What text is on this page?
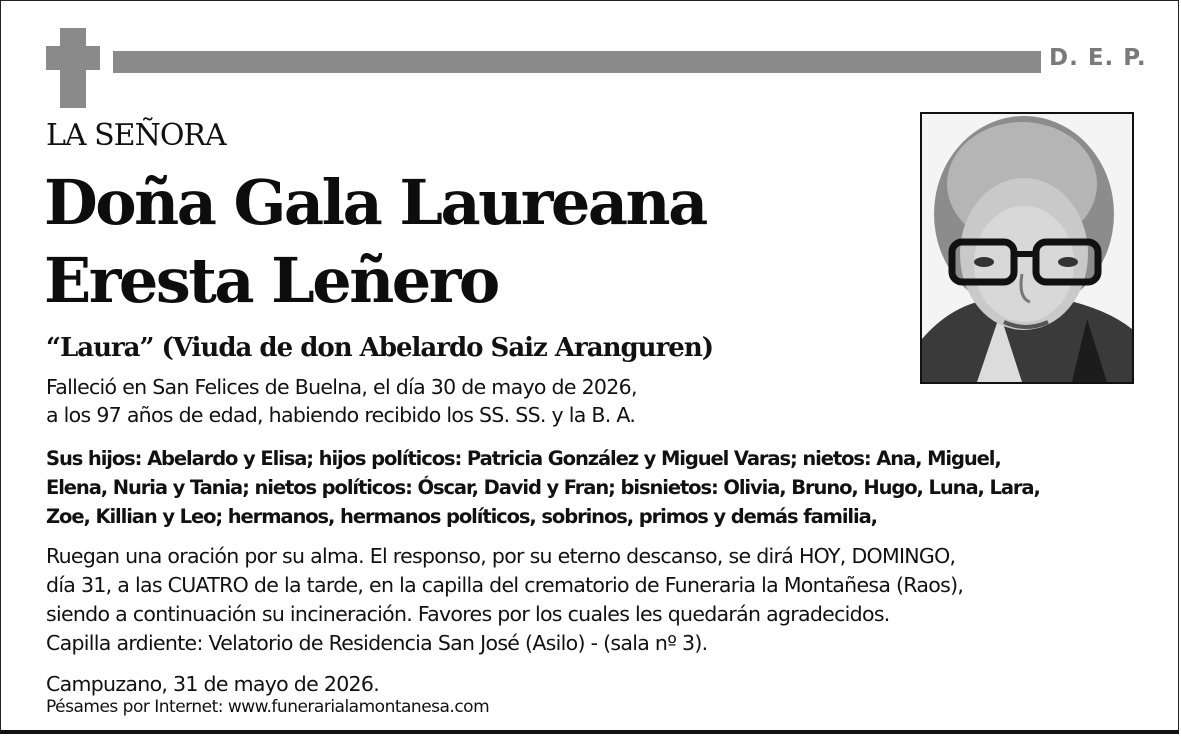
D. E. P.
LA SEÑORA
Doña Gala Laureana
Eresta Leñero
“Laura” (Viuda de don Abelardo Saiz Aranguren)
Falleció en San Felices de Buelna, el día 30 de mayo de 2026,
a los 97 años de edad, habiendo recibido los SS. SS. y la B. A.
Sus hijos: Abelardo y Elisa; hijos políticos: Patricia González y Miguel Varas; nietos: Ana, Miguel,
Elena, Nuria y Tania; nietos políticos: Óscar, David y Fran; bisnietos: Olivia, Bruno, Hugo, Luna, Lara,
Zoe, Killian y Leo; hermanos, hermanos políticos, sobrinos, primos y demás familia,
Ruegan una oración por su alma. El responso, por su eterno descanso, se dirá HOY, DOMINGO,
día 31, a las CUATRO de la tarde, en la capilla del crematorio de Funeraria la Montañesa (Raos),
siendo a continuación su incineración. Favores por los cuales les quedarán agradecidos.
Capilla ardiente: Velatorio de Residencia San José (Asilo) - (sala nº 3).
Campuzano, 31 de mayo de 2026.
Pésames por Internet: www.funerarialamontanesa.com
